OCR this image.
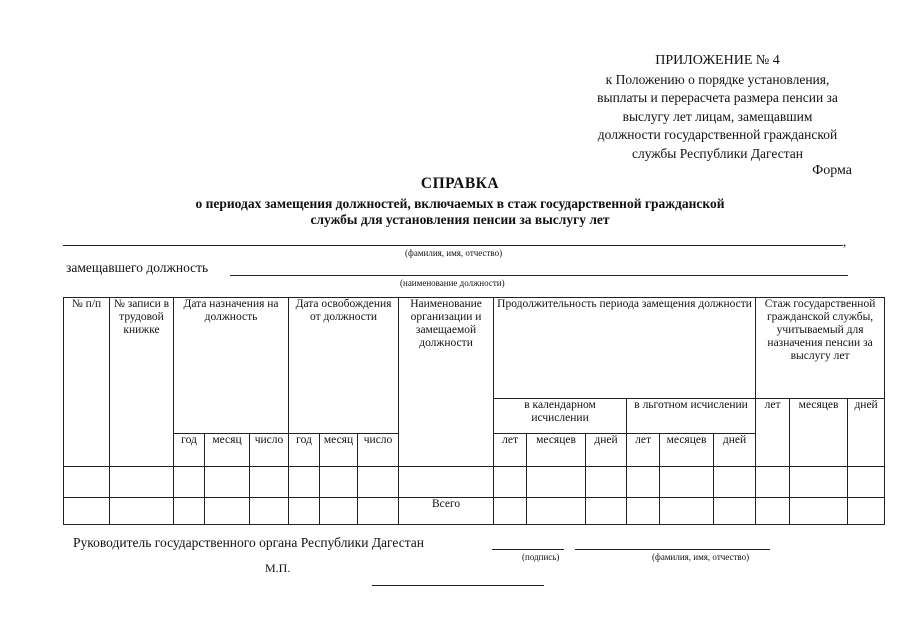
ПРИЛОЖЕНИЕ № 4
к Положению о порядке установления,
выплаты и перерасчета размера пенсии за
выслугу лет лицам, замещавшим
должности государственной гражданской
службы Республики Дагестан
Форма
СПРАВКА
о периодах замещения должностей, включаемых в стаж государственной гражданской
службы для установления пенсии за выслугу лет
,
(фамилия, имя, отчество)
замещавшего должность
(наименование должности)
№ п/п	№ записи в трудовой книжке	Дата назначения на должность			Дата освобождения от должности			Наименование организации и замещаемой должности	Продолжительность периода замещения должности						Стаж государственной гражданской службы, учитываемый для назначения пенсии за выслугу лет		
									в календарном исчислении			в льготном исчислении			лет	месяцев	дней
		год	месяц	число	год	месяц	число		лет	месяцев	дней	лет	месяцев	дней			

								Всего									
Руководитель государственного органа Республики Дагестан
(подпись)	(фамилия, имя, отчество)
М.П.
